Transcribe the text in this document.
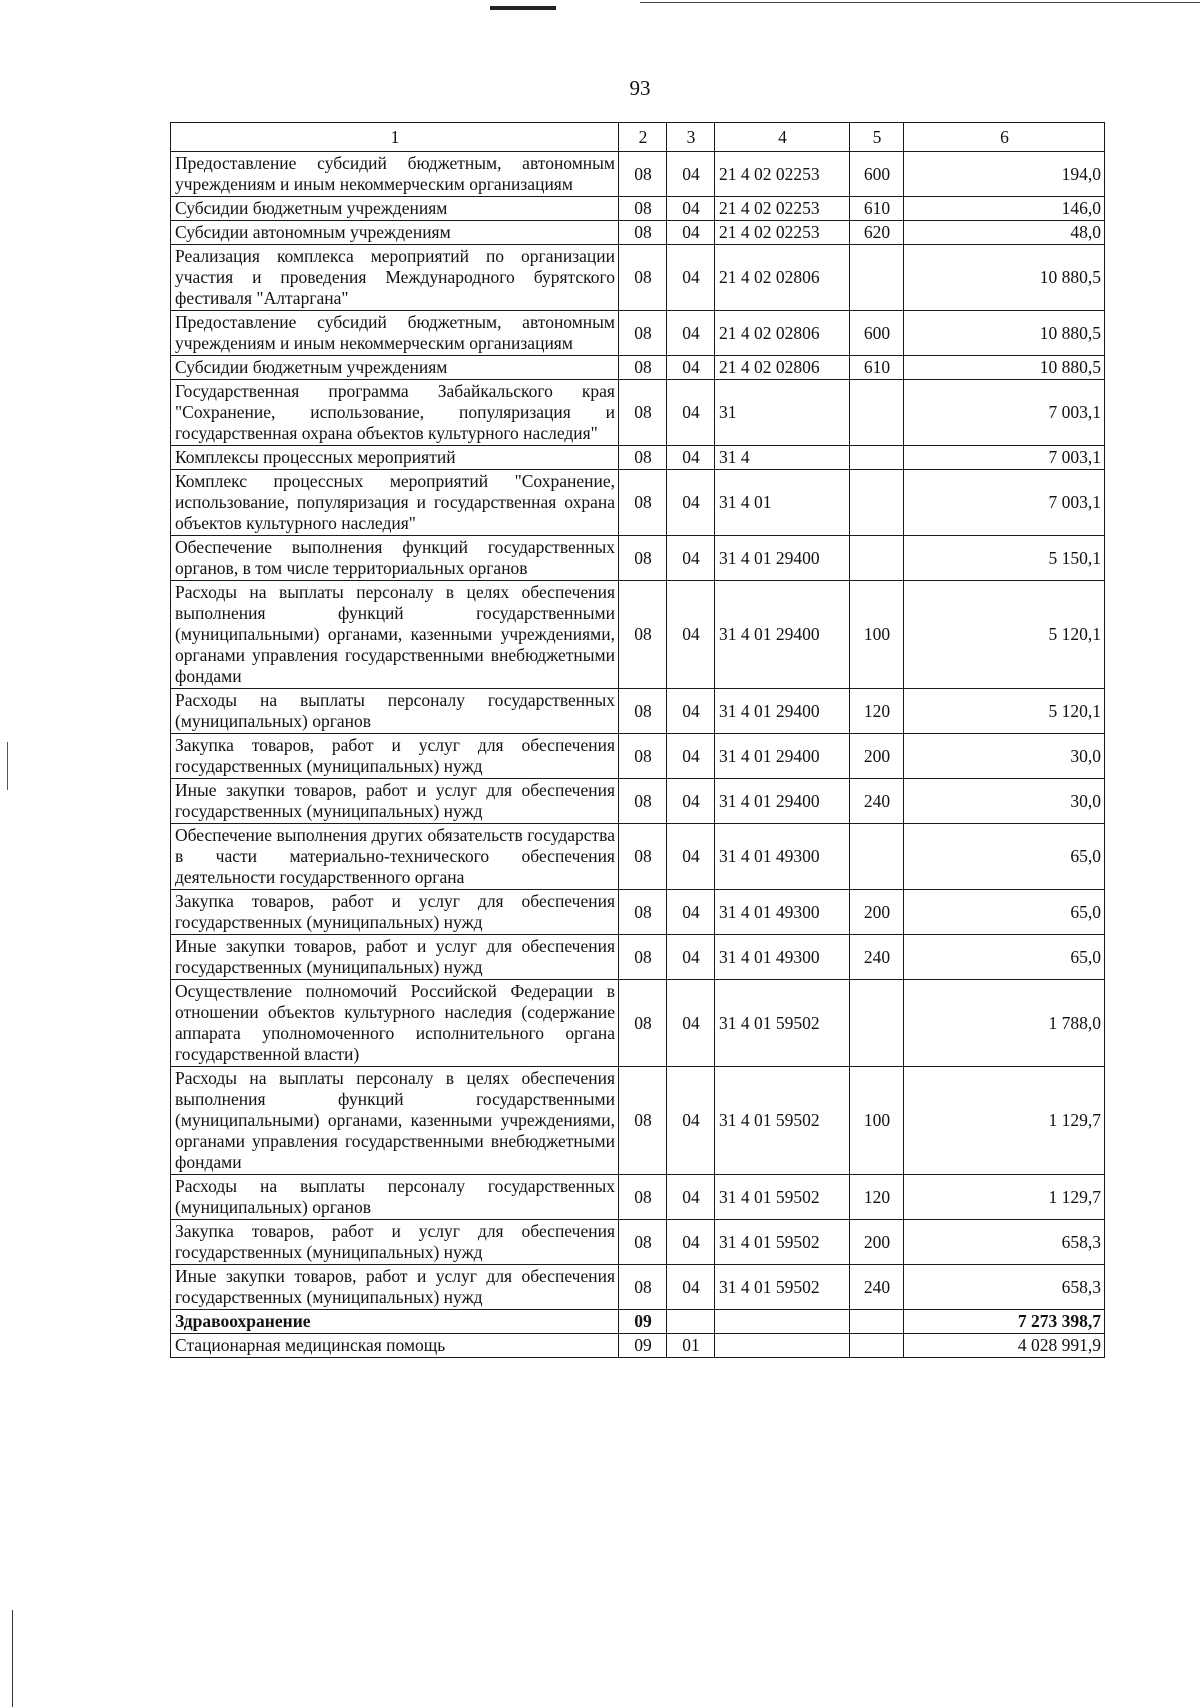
93
1	2	3	4	5	6
Предоставление субсидий бюджетным, автономным учреждениям и иным некоммерческим организациям	08	04	21 4 02 02253	600	194,0
Субсидии бюджетным учреждениям	08	04	21 4 02 02253	610	146,0
Субсидии автономным учреждениям	08	04	21 4 02 02253	620	48,0
Реализация комплекса мероприятий по организации участия и проведения Международного бурятского фестиваля "Алтаргана"	08	04	21 4 02 02806		10 880,5
Предоставление субсидий бюджетным, автономным учреждениям и иным некоммерческим организациям	08	04	21 4 02 02806	600	10 880,5
Субсидии бюджетным учреждениям	08	04	21 4 02 02806	610	10 880,5
Государственная программа Забайкальского края "Сохранение, использование, популяризация и государственная охрана объектов культурного наследия"	08	04	31		7 003,1
Комплексы процессных мероприятий	08	04	31 4		7 003,1
Комплекс процессных мероприятий "Сохранение, использование, популяризация и государственная охрана объектов культурного наследия"	08	04	31 4 01		7 003,1
Обеспечение выполнения функций государственных органов, в том числе территориальных органов	08	04	31 4 01 29400		5 150,1
Расходы на выплаты персоналу в целях обеспечения выполнения функций государственными (муниципальными) органами, казенными учреждениями, органами управления государственными внебюджетными фондами	08	04	31 4 01 29400	100	5 120,1
Расходы на выплаты персоналу государственных (муниципальных) органов	08	04	31 4 01 29400	120	5 120,1
Закупка товаров, работ и услуг для обеспечения государственных (муниципальных) нужд	08	04	31 4 01 29400	200	30,0
Иные закупки товаров, работ и услуг для обеспечения государственных (муниципальных) нужд	08	04	31 4 01 29400	240	30,0
Обеспечение выполнения других обязательств государства в части материально-технического обеспечения деятельности государственного органа	08	04	31 4 01 49300		65,0
Закупка товаров, работ и услуг для обеспечения государственных (муниципальных) нужд	08	04	31 4 01 49300	200	65,0
Иные закупки товаров, работ и услуг для обеспечения государственных (муниципальных) нужд	08	04	31 4 01 49300	240	65,0
Осуществление полномочий Российской Федерации в отношении объектов культурного наследия (содержание аппарата уполномоченного исполнительного органа государственной власти)	08	04	31 4 01 59502		1 788,0
Расходы на выплаты персоналу в целях обеспечения выполнения функций государственными (муниципальными) органами, казенными учреждениями, органами управления государственными внебюджетными фондами	08	04	31 4 01 59502	100	1 129,7
Расходы на выплаты персоналу государственных (муниципальных) органов	08	04	31 4 01 59502	120	1 129,7
Закупка товаров, работ и услуг для обеспечения государственных (муниципальных) нужд	08	04	31 4 01 59502	200	658,3
Иные закупки товаров, работ и услуг для обеспечения государственных (муниципальных) нужд	08	04	31 4 01 59502	240	658,3
Здравоохранение	09				7 273 398,7
Стационарная медицинская помощь	09	01			4 028 991,9
